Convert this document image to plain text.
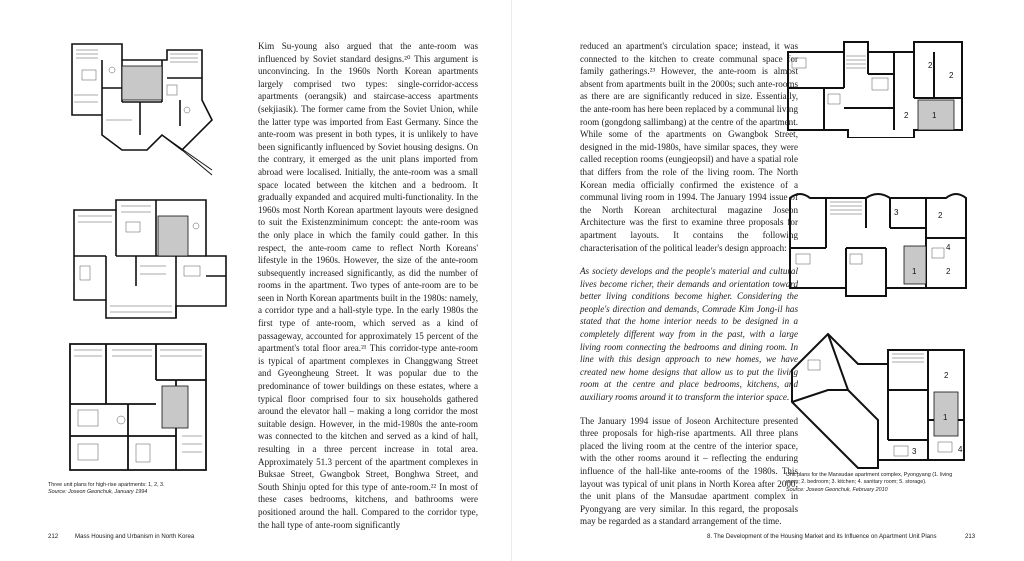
Three unit plans for high-rise apartments: 1, 2, 3.
Source: Joseon Geonchuk, January 1994

Kim Su-young also argued that the ante-room was influenced by Soviet standard designs.²⁰ This argument is unconvincing. In the 1960s North Korean apartments largely comprised two types: single-corridor-access apartments (oerangsik) and staircase-access apartments (sekjiasik). The former came from the Soviet Union, while the latter type was imported from East Germany. Since the ante-room was present in both types, it is unlikely to have been significantly influenced by Soviet housing designs. On the contrary, it emerged as the unit plans imported from abroad were localised. Initially, the ante-room was a small space located between the kitchen and a bedroom. It gradually expanded and acquired multi-functionality. In the 1960s most North Korean apartment layouts were designed to suit the Existenzminimum concept: the ante-room was the only place in which the family could gather. In this respect, the ante-room came to reflect North Koreans' lifestyle in the 1960s. However, the size of the ante-room subsequently increased significantly, as did the number of rooms in the apartment. Two types of ante-room are to be seen in North Korean apartments built in the 1980s: namely, a corridor type and a hall-style type. In the early 1980s the first type of ante-room, which served as a kind of passageway, accounted for approximately 15 percent of the apartment's total floor area.²¹ This corridor-type ante-room is typical of apartment complexes in Changgwang Street and Gyeongheung Street. It was popular due to the predominance of tower buildings on these estates, where a typical floor comprised four to six households gathered around the elevator hall – making a long corridor the most suitable design. However, in the mid-1980s the ante-room was connected to the kitchen and served as a kind of hall, resulting in a three percent increase in total area. Approximately 51.3 percent of the apartment complexes in Buksae Street, Gwangbok Street, Bonghwa Street, and South Shinju opted for this type of ante-room.²² In most of these cases bedrooms, kitchens, and bathrooms were positioned around the hall. Compared to the corridor type, the hall type of ante-room significantly

212	Mass Housing and Urbanism in North Korea

reduced an apartment's circulation space; instead, it was connected to the kitchen to create communal space for family gatherings.²³ However, the ante-room is almost absent from apartments built in the 2000s; such ante-rooms as there are are significantly reduced in size. Essentially, the ante-room has here been replaced by a communal living room (gongdong sallimbang) at the centre of the apartment. While some of the apartments on Gwangbok Street, designed in the mid-1980s, have similar spaces, they were called reception rooms (eungjeopsil) and have a spatial role that differs from the role of the living room. The North Korean media officially confirmed the existence of a communal living room in 1994. The January 1994 issue of the North Korean architectural magazine Joseon Architecture was the first to examine three proposals for apartment layouts. It contains the following characterisation of the political leader's design approach:

As society develops and the people's material and cultural lives become richer, their demands and orientation toward better living conditions become higher. Considering the people's direction and demands, Comrade Kim Jong-il has stated that the home interior needs to be designed in a completely different way from in the past, with a large living room connecting the bedrooms and dining room. In line with this design approach to new homes, we have created new home designs that allow us to put the living room at the centre and place bedrooms, kitchens, and auxiliary rooms around it to transform the interior space.

The January 1994 issue of Joseon Architecture presented three proposals for high-rise apartments. All three plans placed the living room at the centre of the interior space, with the other rooms around it – reflecting the enduring influence of the hall-like ante-rooms of the 1980s. This layout was typical of unit plans in North Korea after 2000; the unit plans of the Mansudae apartment complex in Pyongyang are very similar. In this regard, the proposals may be regarded as a standard arrangement of the time.

2
2
1
2
3	2
4
1	2
2
3
1
4
Unit plans for the Mansudae apartment complex, Pyongyang (1. living room; 2. bedroom; 3. kitchen; 4. sanitary room; 5. storage).
Source: Joseon Geonchuk, February 2010
8. The Development of the Housing Market and its Influence on Apartment Unit Plans	213
